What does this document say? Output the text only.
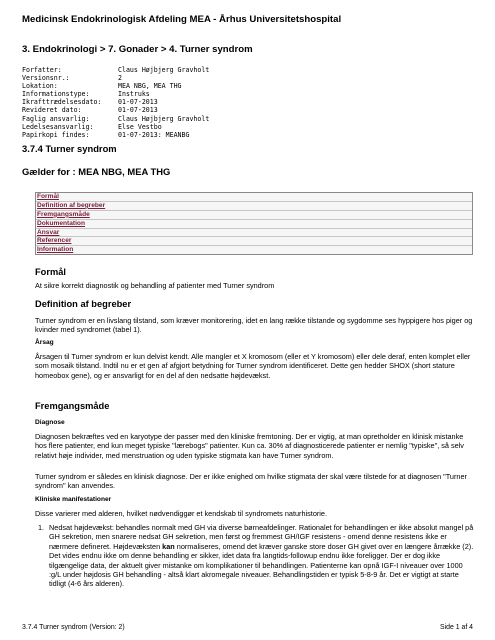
Medicinsk Endokrinologisk Afdeling MEA - Århus Universitetshospital
3. Endokrinologi > 7. Gonader > 4. Turner syndrom
Forfatter:	Claus Højbjerg Gravholt
Versionsnr.:	2
Lokation:	MEA NBG, MEA THG
Informationstype:	Instruks
Ikrafttrædelsesdato:	01-07-2013
Revideret dato:	01-07-2013
Faglig ansvarlig:	Claus Højbjerg Gravholt
Ledelsesansvarlig:	Else Vestbo
Papirkopi findes:	01-07-2013: MEANBG
3.7.4 Turner syndrom
Gælder for : MEA NBG, MEA THG
Formål
Definition af begreber
Fremgangsmåde
Dokumentation
Ansvar
Referencer
Information
Formål
At sikre korrekt diagnostik og behandling af patienter med Turner syndrom
Definition af begreber
Turner syndrom er en livslang tilstand, som kræver monitorering, idet en lang række tilstande og sygdomme ses hyppigere hos piger og kvinder med syndromet (tabel 1).
Årsag
Årsagen til Turner syndrom er kun delvist kendt. Alle mangler et X kromosom (eller et Y kromosom) eller dele deraf, enten komplet eller som mosaik tilstand. Indtil nu er et gen af afgjort betydning for Turner syndrom identificeret. Dette gen hedder SHOX (short stature homeobox gene), og er ansvarligt for en del af den nedsatte højdevækst.
Fremgangsmåde
Diagnose
Diagnosen bekræftes ved en karyotype der passer med den kliniske fremtoning. Der er vigtig, at man opretholder en klinisk mistanke hos flere patienter, end kun meget typiske "lærebogs" patienter. Kun ca. 30% af diagnosticerede patienter er nemlig "typiske", så selv relativt høje individer, med menstruation og uden typiske stigmata kan have Turner syndrom.
Turner syndrom er således en klinisk diagnose. Der er ikke enighed om hvilke stigmata der skal være tilstede for at diagnosen "Turner syndrom" kan anvendes.
Kliniske manifestationer
Disse varierer med alderen, hvilket nødvendiggør et kendskab til syndromets naturhistorie.
1. Nedsat højdevækst: behandles normalt med GH via diverse børneafdelinger. Rationalet for behandlingen er ikke absolut mangel på GH sekretion, men snarere nedsat GH sekretion, men først og fremmest GH/IGF resistens - omend denne resistens ikke er nærmere defineret. Højdevæksten kan normaliseres, omend det kræver ganske store doser GH givet over en længere årrække (2). Det vides endnu ikke om denne behandling er sikker, idet data fra langtids-followup endnu ikke foreligger. Der er dog ikke tilgængelige data, der aktuelt giver mistanke om komplikationer til behandlingen. Patienterne kan opnå IGF-I niveauer over 1000 :g/L under højdosis GH behandling - altså klart akromegale niveauer. Behandlingstiden er typisk 5-8-9 år. Det er vigtigt at starte tidligt (4-6 års alderen).
3.7.4 Turner syndrom (Version: 2)	Side 1 af 4
